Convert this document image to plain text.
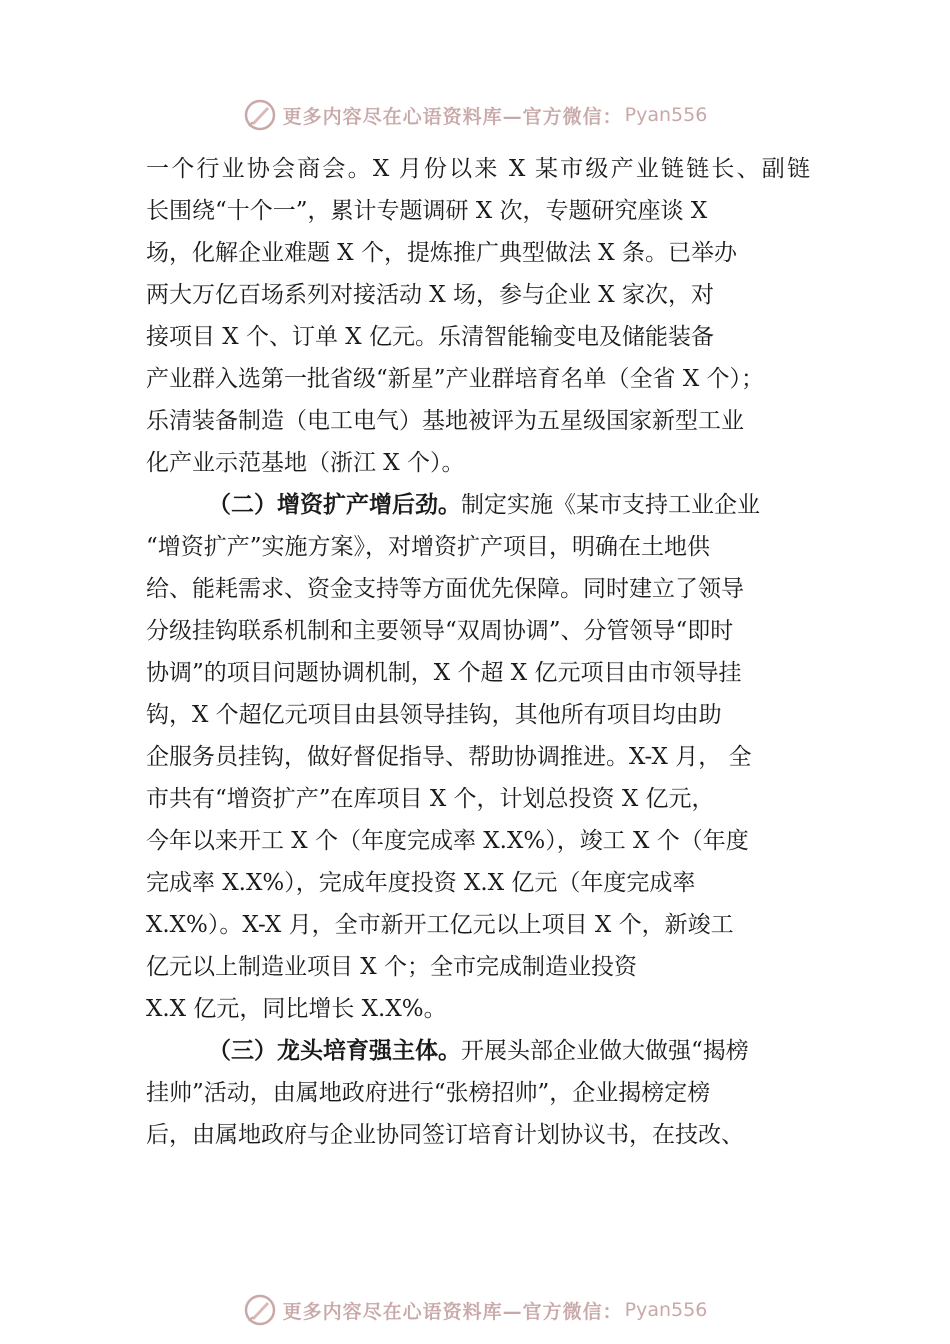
更多内容尽在心语资料库—官方微信： Pyan556
一个行业协会商会。X 月份以来 X 某市级产业链链长、副链
长围绕“十个一”，累计专题调研 X 次，专题研究座谈 X
场，化解企业难题 X 个，提炼推广典型做法 X 条。已举办
两大万亿百场系列对接活动 X 场，参与企业 X 家次，对
接项目 X 个、订单 X 亿元。乐清智能输变电及储能装备
产业群入选第一批省级“新星”产业群培育名单（全省 X 个）；
乐清装备制造（电工电气）基地被评为五星级国家新型工业
化产业示范基地（浙江 X 个）。
（二）增资扩产增后劲。制定实施《某市支持工业企业
“增资扩产”实施方案》，对增资扩产项目，明确在土地供
给、能耗需求、资金支持等方面优先保障。同时建立了领导
分级挂钩联系机制和主要领导“双周协调”、分管领导“即时
协调”的项目问题协调机制，X 个超 X 亿元项目由市领导挂
钩，X 个超亿元项目由县领导挂钩，其他所有项目均由助
企服务员挂钩，做好督促指导、帮助协调推进。X-X 月， 全
市共有“增资扩产”在库项目 X 个，计划总投资 X 亿元，
今年以来开工 X 个（年度完成率 X.X%），竣工 X 个（年度
完成率 X.X%），完成年度投资 X.X 亿元（年度完成率
X.X%）。X-X 月，全市新开工亿元以上项目 X 个，新竣工
亿元以上制造业项目 X 个；全市完成制造业投资
X.X 亿元，同比增长 X.X%。
（三）龙头培育强主体。开展头部企业做大做强“揭榜
挂帅”活动，由属地政府进行“张榜招帅”，企业揭榜定榜
后，由属地政府与企业协同签订培育计划协议书，在技改、
更多内容尽在心语资料库—官方微信： Pyan556
